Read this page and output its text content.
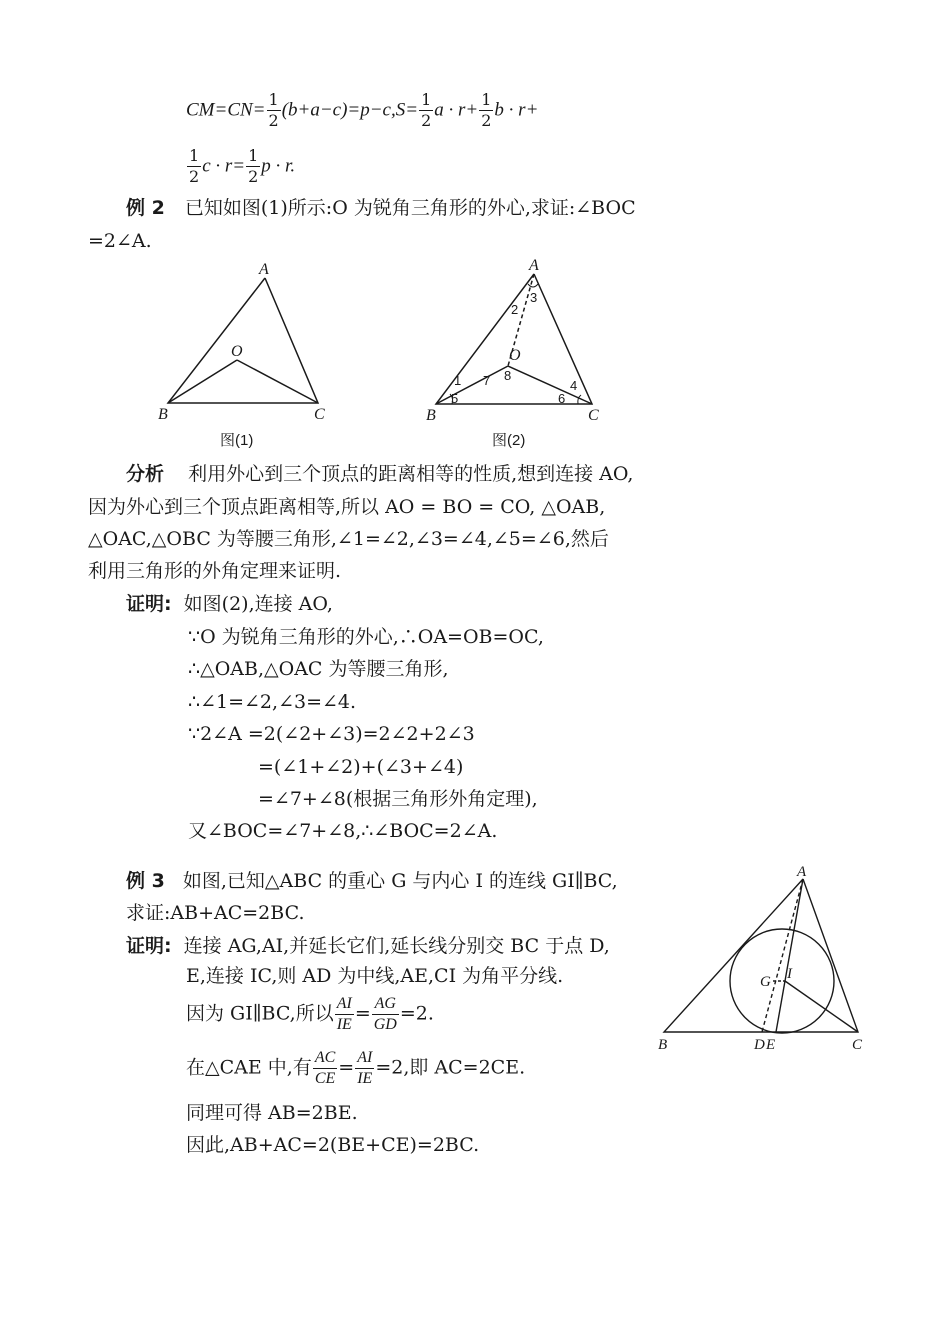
$CM=CN= \frac{1}{2} (b+a-c)=p-c,S= \frac{1}{2}$ $a \cdot r+ \frac{1}{2}$ b · r+
$\frac{1}{2}$ $c \cdot r= \frac{1}{2}$ p · r.
例 2 已知如图(1)所示:O 为锐角三角形的外心,求证:∠BOC
=2∠A.
A
B	C
O
图(1)
A
B	C
O
1
2
3
4
5	6
7 8
图(2)
分析 利用外心到三个顶点的距离相等的性质,想到连接 AO,
因为外心到三个顶点距离相等,所以 AO = BO = CO, △OAB,
△OAC,△OBC 为等腰三角形,∠1=∠2,∠3=∠4,∠5=∠6,然后
利用三角形的外角定理来证明.
证明: 如图(2),连接 AO,
∵O 为锐角三角形的外心,∴OA=OB=OC,
∴△OAB,△OAC 为等腰三角形,
∴∠1=∠2,∠3=∠4.
∵2∠A =2(∠2+∠3)=2∠2+2∠3
=(∠1+∠2)+(∠3+∠4)
=∠7+∠8(根据三角形外角定理),
又∠BOC=∠7+∠8,∴∠BOC=2∠A.
例 3 如图,已知△ABC 的重心 G 与内心 I 的连线 GI∥BC,
求证:AB+AC=2BC.
证明: 连接 AG,AI,并延长它们,延长线分别交 BC 于点 D,
E,连接 IC,则 AD 为中线,AE,CI 为角平分线.
因为 GI∥BC,所以 $\frac{AI}{IE} = \frac{AG}{GD} =2$.
在△CAE 中,有 $\frac{AC}{CE} = \frac{AI}{IE} =2$,即 AC=2CE.
同理可得 AB=2BE.
因此,AB+AC=2(BE+CE)=2BC.
A
B	C
D E
G I
